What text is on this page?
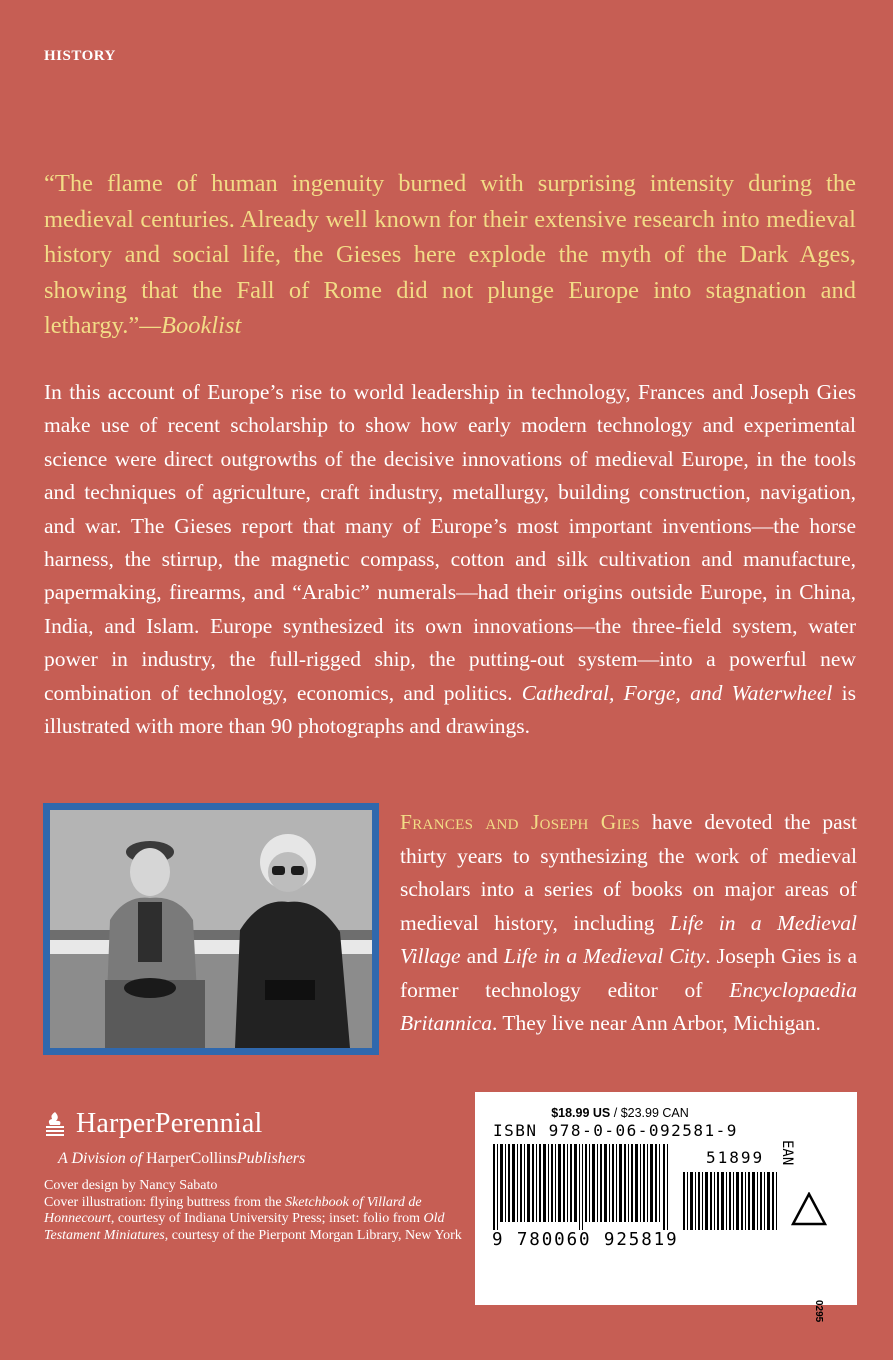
HISTORY

“The flame of human ingenuity burned with surprising intensity during the medieval centuries. Already well known for their extensive research into medieval history and social life, the Gieses here explode the myth of the Dark Ages, showing that the Fall of Rome did not plunge Europe into stagnation and lethargy.”—Booklist

In this account of Europe’s rise to world leadership in technology, Frances and Joseph Gies make use of recent scholarship to show how early modern technology and experimental science were direct outgrowths of the decisive innovations of medieval Europe, in the tools and techniques of agriculture, craft industry, metallurgy, building construction, navigation, and war. The Gieses report that many of Europe’s most important inventions—the horse harness, the stirrup, the magnetic compass, cotton and silk cultivation and manufacture, papermaking, firearms, and “Arabic” numerals—had their origins outside Europe, in China, India, and Islam. Europe synthesized its own innovations—the three-field system, water power in industry, the full-rigged ship, the putting-out system—into a powerful new combination of technology, economics, and politics. Cathedral, Forge, and Waterwheel is illustrated with more than 90 photographs and drawings.

Frances and Joseph Gies have devoted the past thirty years to synthesizing the work of medieval scholars into a series of books on major areas of medieval history, including Life in a Medieval Village and Life in a Medieval City. Joseph Gies is a former technology editor of Encyclopaedia Britannica. They live near Ann Arbor, Michigan.

HarperPerennial
A Division of HarperCollinsPublishers
Cover design by Nancy Sabato
Cover illustration: flying buttress from the Sketchbook of Villard de Honnecourt, courtesy of Indiana University Press; inset: folio from Old Testament Miniatures, courtesy of the Pierpont Morgan Library, New York
$18.99 US / $23.99 CAN
ISBN 978-0-06-092581-9
EAN
51899
9 780060 925819
0295
